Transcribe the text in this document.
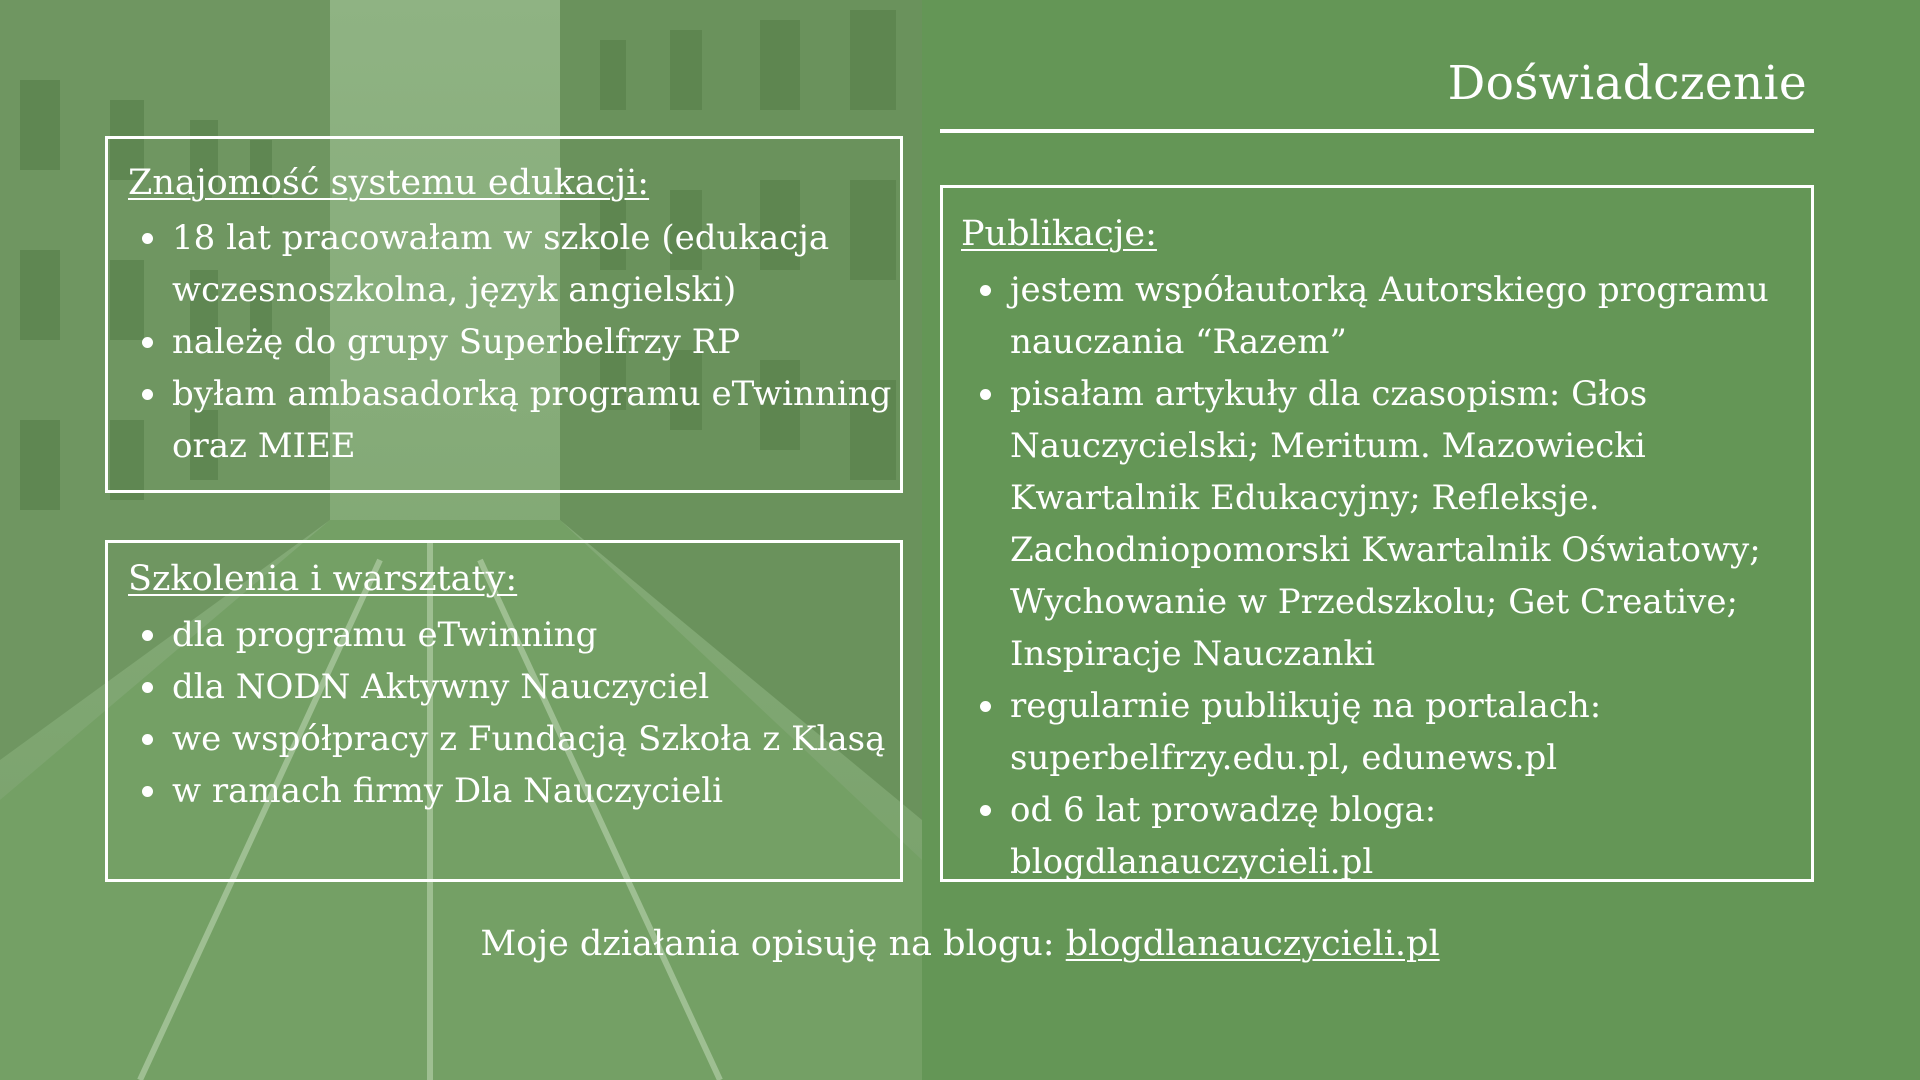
Doświadczenie
Znajomość systemu edukacji:
18 lat pracowałam w szkole (edukacja wczesnoszkolna, język angielski)
należę do grupy Superbelfrzy RP
byłam ambasadorką programu eTwinning oraz MIEE
Szkolenia i warsztaty:
dla programu eTwinning
dla NODN Aktywny Nauczyciel
we współpracy z Fundacją Szkoła z Klasą
w ramach firmy Dla Nauczycieli
Publikacje:
jestem współautorką Autorskiego programu nauczania “Razem”
pisałam artykuły dla czasopism: Głos Nauczycielski; Meritum. Mazowiecki Kwartalnik Edukacyjny; Refleksje. Zachodniopomorski Kwartalnik Oświatowy; Wychowanie w Przedszkolu; Get Creative; Inspiracje Nauczanki
regularnie publikuję na portalach: superbelfrzy.edu.pl, edunews.pl
od 6 lat prowadzę bloga: blogdlanauczycieli.pl
Moje działania opisuję na blogu: blogdlanauczycieli.pl
